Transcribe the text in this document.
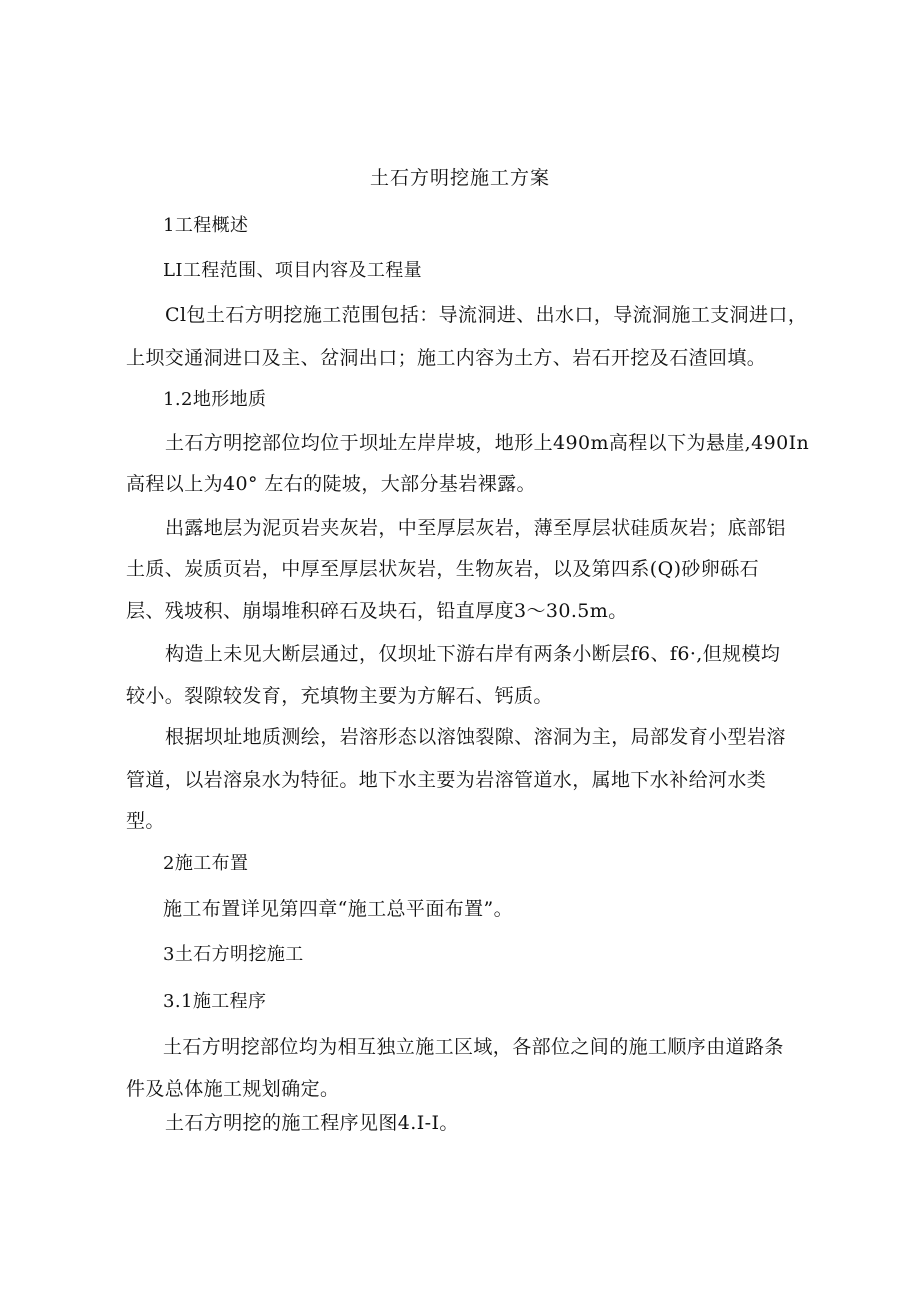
土石方明挖施工方案
1工程概述
LI工程范围、项目内容及工程量
Cl包土石方明挖施工范围包括：导流洞进、出水口，导流洞施工支洞进口，
上坝交通洞进口及主、岔洞出口；施工内容为土方、岩石开挖及石渣回填。
1.2地形地质
土石方明挖部位均位于坝址左岸岸坡，地形上490m高程以下为悬崖,490In
高程以上为40° 左右的陡坡，大部分基岩裸露。
出露地层为泥页岩夹灰岩，中至厚层灰岩，薄至厚层状硅质灰岩；底部铝
土质、炭质页岩，中厚至厚层状灰岩，生物灰岩，以及第四系(Q)砂卵砾石
层、残坡积、崩塌堆积碎石及块石，铅直厚度3～30.5m。
构造上未见大断层通过，仅坝址下游右岸有两条小断层f6、f6·,但规模均
较小。裂隙较发育，充填物主要为方解石、钙质。
根据坝址地质测绘，岩溶形态以溶蚀裂隙、溶洞为主，局部发育小型岩溶
管道，以岩溶泉水为特征。地下水主要为岩溶管道水，属地下水补给河水类
型。
2施工布置
施工布置详见第四章“施工总平面布置”。
3土石方明挖施工
3.1施工程序
土石方明挖部位均为相互独立施工区域，各部位之间的施工顺序由道路条
件及总体施工规划确定。
土石方明挖的施工程序见图4.I-I。
